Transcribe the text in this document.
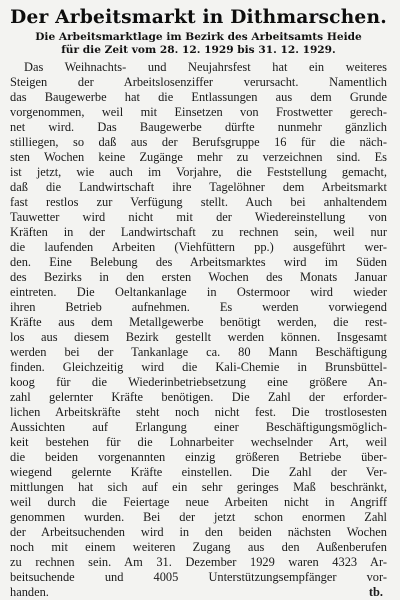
Der Arbeitsmarkt in Dithmarschen.
Die Arbeitsmarktlage im Bezirk des Arbeitsamts Heide
für die Zeit vom 28. 12. 1929 bis 31. 12. 1929.
Das Weihnachts- und Neujahrsfest hat ein weiteres
Steigen der Arbeitslosenziffer verursacht. Namentlich
das Baugewerbe hat die Entlassungen aus dem Grunde
vorgenommen, weil mit Einsetzen von Frostwetter gerech-
net wird. Das Baugewerbe dürfte nunmehr gänzlich
stilliegen, so daß aus der Berufsgruppe 16 für die näch-
sten Wochen keine Zugänge mehr zu verzeichnen sind. Es
ist jetzt, wie auch im Vorjahre, die Feststellung gemacht,
daß die Landwirtschaft ihre Tagelöhner dem Arbeitsmarkt
fast restlos zur Verfügung stellt. Auch bei anhaltendem
Tauwetter wird nicht mit der Wiedereinstellung von
Kräften in der Landwirtschaft zu rechnen sein, weil nur
die laufenden Arbeiten (Viehfüttern pp.) ausgeführt wer-
den. Eine Belebung des Arbeitsmarktes wird im Süden
des Bezirks in den ersten Wochen des Monats Januar
eintreten. Die Oeltankanlage in Ostermoor wird wieder
ihren Betrieb aufnehmen. Es werden vorwiegend
Kräfte aus dem Metallgewerbe benötigt werden, die rest-
los aus diesem Bezirk gestellt werden können. Insgesamt
werden bei der Tankanlage ca. 80 Mann Beschäftigung
finden. Gleichzeitig wird die Kali-Chemie in Brunsbüttel-
koog für die Wiederinbetriebsetzung eine größere An-
zahl gelernter Kräfte benötigen. Die Zahl der erforder-
lichen Arbeitskräfte steht noch nicht fest. Die trostlosesten
Aussichten auf Erlangung einer Beschäftigungsmöglich-
keit bestehen für die Lohnarbeiter wechselnder Art, weil
die beiden vorgenannten einzig größeren Betriebe über-
wiegend gelernte Kräfte einstellen. Die Zahl der Ver-
mittlungen hat sich auf ein sehr geringes Maß beschränkt,
weil durch die Feiertage neue Arbeiten nicht in Angriff
genommen wurden. Bei der jetzt schon enormen Zahl
der Arbeitsuchenden wird in den beiden nächsten Wochen
noch mit einem weiteren Zugang aus den Außenberufen
zu rechnen sein. Am 31. Dezember 1929 waren 4323 Ar-
beitsuchende und 4005 Unterstützungsempfänger vor-
handen.	tb.
